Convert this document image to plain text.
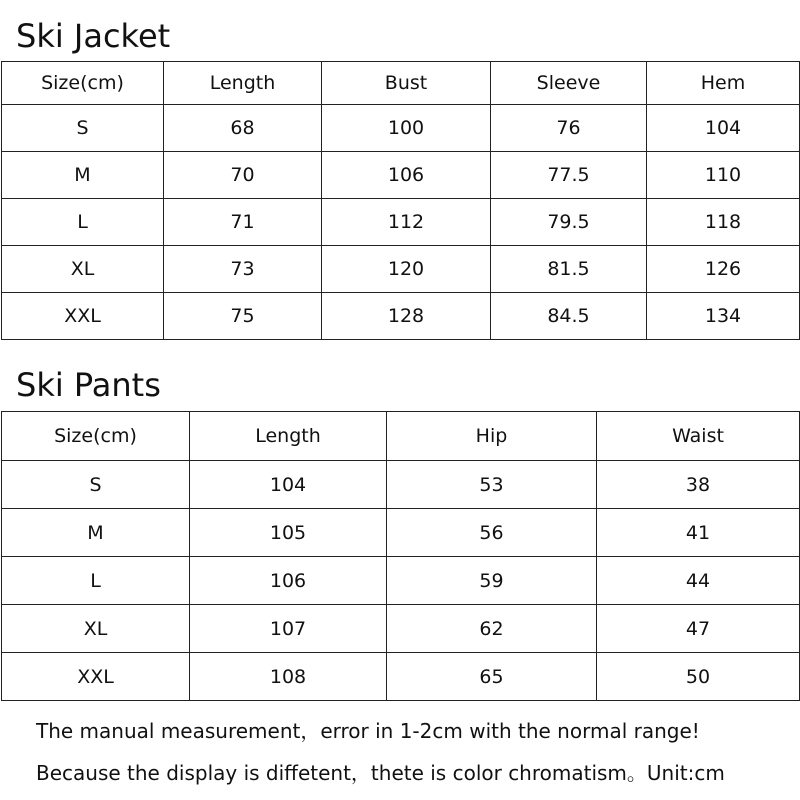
Ski Jacket
Size(cm)	Length	Bust	Sleeve	Hem
S	68	100	76	104
M	70	106	77.5	110
L	71	112	79.5	118
XL	73	120	81.5	126
XXL	75	128	84.5	134
Ski Pants
Size(cm)	Length	Hip	Waist
S	104	53	38
M	105	56	41
L	106	59	44
XL	107	62	47
XXL	108	65	50

The manual measurement，error in 1-2cm with the normal range!

Because the display is diffetent，thete is color chromatism。Unit:cm
